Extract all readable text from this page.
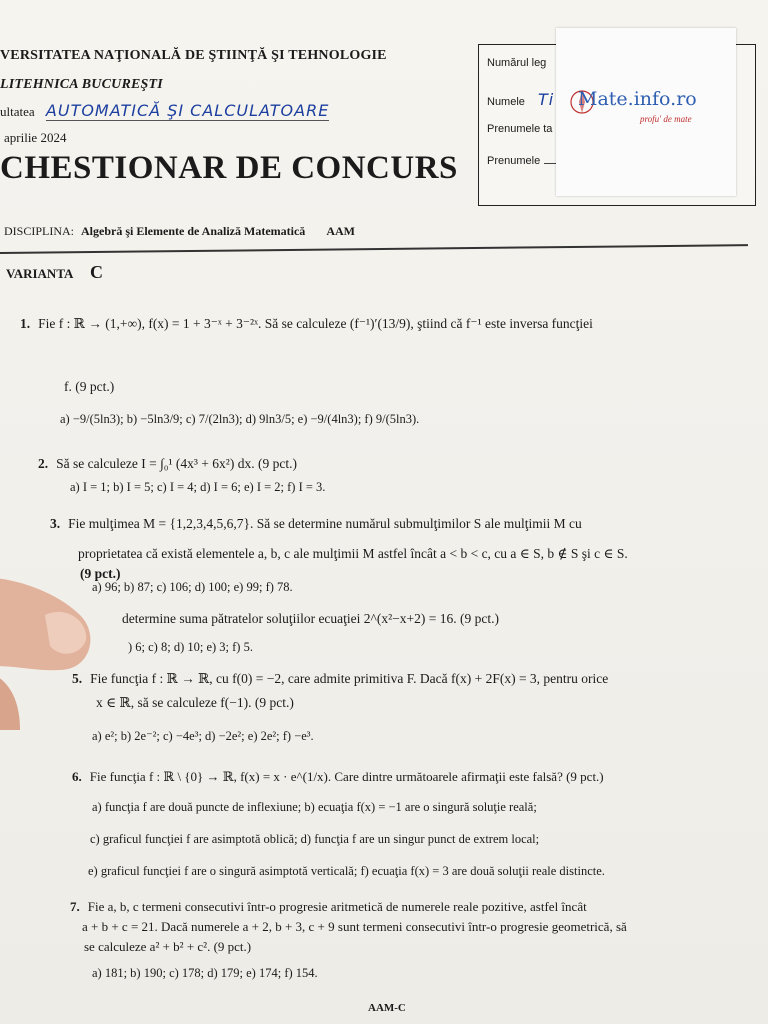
VERSITATEA NAŢIONALĂ DE ŞTIINŢĂ ŞI TEHNOLOGIE
LITEHNICA BUCUREŞTI
ultatea AUTOMATICĂ ŞI CALCULATOARE
aprilie 2024
CHESTIONAR DE CONCURS
DISCIPLINA: Algebră şi Elemente de Analiză Matematică AAM
VARIANTA C
Numărul leg
Numele Ti
Prenumele ta
Prenumele
Mate.info.ro
profu' de mate
1. Fie f : ℝ → (1,+∞), f(x) = 1 + 3⁻ˣ + 3⁻²ˣ. Să se calculeze (f⁻¹)′(13/9), ştiind că f⁻¹ este inversa funcţiei
f. (9 pct.)
a) −9/(5ln3); b) −5ln3/9; c) 7/(2ln3); d) 9ln3/5; e) −9/(4ln3); f) 9/(5ln3).
2. Să se calculeze I = ∫₀¹ (4x³ + 6x²) dx. (9 pct.)
a) I = 1; b) I = 5; c) I = 4; d) I = 6; e) I = 2; f) I = 3.
3. Fie mulţimea M = {1,2,3,4,5,6,7}. Să se determine numărul submulţimilor S ale mulţimii M cu
proprietatea că există elementele a, b, c ale mulţimii M astfel încât a < b < c, cu a ∈ S, b ∉ S şi c ∈ S.
(9 pct.)
a) 96; b) 87; c) 106; d) 100; e) 99; f) 78.
determine suma pătratelor soluţiilor ecuaţiei 2^(x²−x+2) = 16. (9 pct.)
) 6; c) 8; d) 10; e) 3; f) 5.
5. Fie funcţia f : ℝ → ℝ, cu f(0) = −2, care admite primitiva F. Dacă f(x) + 2F(x) = 3, pentru orice
x ∈ ℝ, să se calculeze f(−1). (9 pct.)
a) e²; b) 2e⁻²; c) −4e³; d) −2e²; e) 2e²; f) −e³.
6. Fie funcţia f : ℝ \ {0} → ℝ, f(x) = x · e^(1/x). Care dintre următoarele afirmaţii este falsă? (9 pct.)
a) funcţia f are două puncte de inflexiune; b) ecuaţia f(x) = −1 are o singură soluţie reală;
c) graficul funcţiei f are asimptotă oblică; d) funcţia f are un singur punct de extrem local;
e) graficul funcţiei f are o singură asimptotă verticală; f) ecuaţia f(x) = 3 are două soluţii reale distincte.
7. Fie a, b, c termeni consecutivi într-o progresie aritmetică de numerele reale pozitive, astfel încât
a + b + c = 21. Dacă numerele a + 2, b + 3, c + 9 sunt termeni consecutivi într-o progresie geometrică, să
se calculeze a² + b² + c². (9 pct.)
a) 181; b) 190; c) 178; d) 179; e) 174; f) 154.
AAM-C
